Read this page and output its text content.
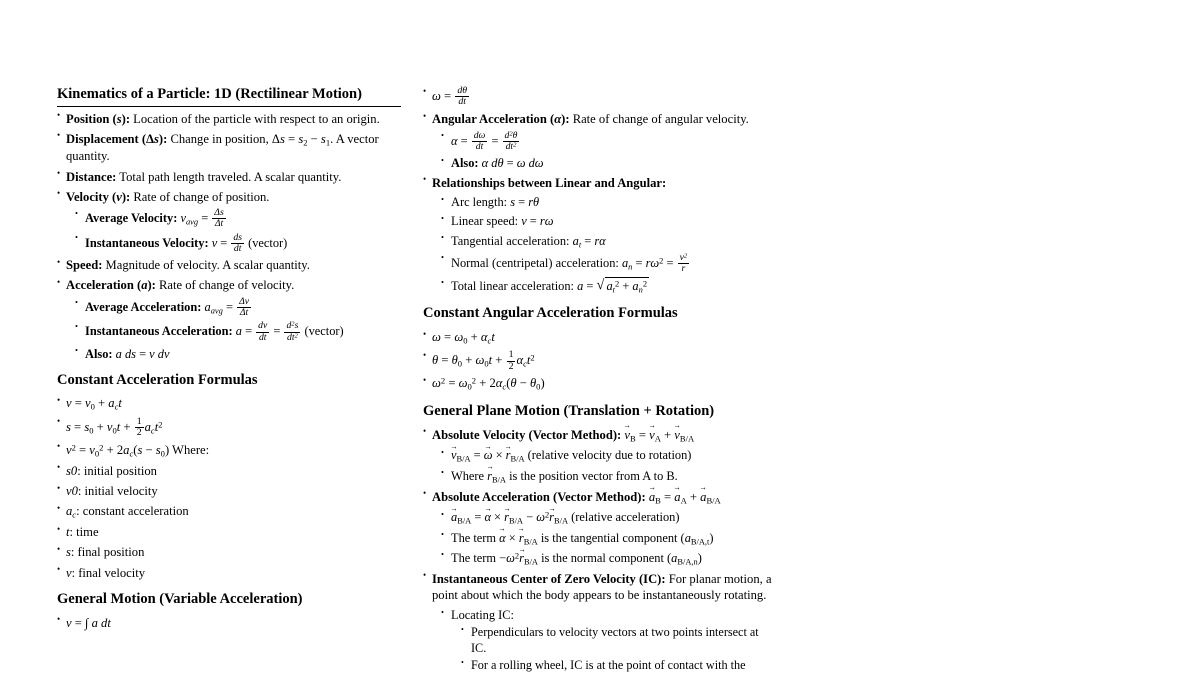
Kinematics of a Particle: 1D (Rectilinear Motion)
• Position (s): Location of the particle with respect to an origin.
• Displacement (Δs): Change in position, $\Delta s = s_2 - s_1$. A vector quantity.
• Distance: Total path length traveled. A scalar quantity.
• Velocity (v): Rate of change of position.
• Average Velocity: $v_{avg} = \frac{\Delta s}{\Delta t}$
• Instantaneous Velocity: $v = \frac{ds}{dt}$ (vector)
• Speed: Magnitude of velocity. A scalar quantity.
• Acceleration (a): Rate of change of velocity.
• Average Acceleration: $a_{avg} = \frac{\Delta v}{\Delta t}$
• Instantaneous Acceleration: $a = \frac{dv}{dt} = \frac{d^2s}{dt^2}$ (vector)
• Also: a ds = v dv
Constant Acceleration Formulas
• $v = v_0 + a_ct$
• $s = s_0 + v_0t + \frac{1}{2} a_ct^2$
• $v^2 = v_0^2 + 2a_c(s - s_0)$ Where:
• s0: initial position
• v0: initial velocity
• $a_c$: constant acceleration
• t: time
• s: final position
• v: final velocity
General Motion (Variable Acceleration)
• v = ∫ a dt
• $\omega = \frac{d\theta}{dt}$
• Angular Acceleration (α): Rate of change of angular velocity.
• $\alpha = \frac{d\omega}{dt} = \frac{d^2\theta}{dt^2}$
• Also: α dθ = ω dω
• Relationships between Linear and Angular:
• Arc length: s = rθ
• Linear speed: v = rω
• Tangential acceleration: $a_t = r\alpha$
• Normal (centripetal) acceleration: $a_n = r\omega^2 = \frac{v^2}{r}$
• Total linear acceleration: a = √ $a_t^2 + a_n^2$
Constant Angular Acceleration Formulas
• $\omega = \omega_0 + \alpha_ct$
• $\theta = \theta_0 + \omega_0t + \frac{1}{2} \alpha_ct^2$
• $\omega^2 = \omega_0^2 + 2\alpha_c(\theta - \theta_0)$
General Plane Motion (Translation + Rotation)
• Absolute Velocity (Vector Method): $v \to_B = v \to_A + v \to_{B/A}$
• $v \to_{B/A} = \omega$ → × $r \to_{B/A}$ (relative velocity due to rotation)
• Where $r \to_{B/A}$ is the position vector from A to B.
• Absolute Acceleration (Vector Method): $a \to_B = a \to_A + a \to_{B/A}$
• $a \to_{B/A} = \alpha$ → × $r \to_{B/A} - \omega^2r \to_{B/A}$ (relative acceleration)
• The term α → × $r \to_{B/A}$ is the tangential component $(a_{B/A,t})$
• The term $-\omega^2r \to_{B/A}$ is the normal component $(a_{B/A,n})$
• Instantaneous Center of Zero Velocity (IC): For planar motion, a point about which the body appears to be instantaneously rotating.
• Locating IC:
• Perpendiculars to velocity vectors at two points intersect at IC.
• For a rolling wheel, IC is at the point of contact with the
